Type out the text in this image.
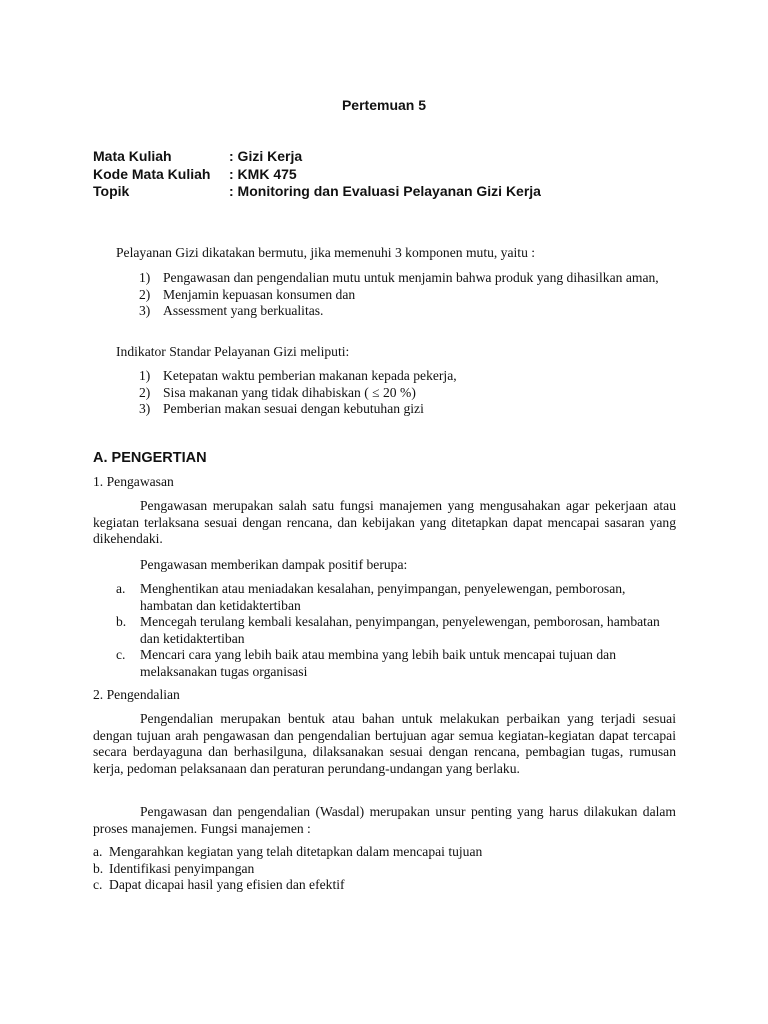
Pertemuan 5
Mata Kuliah	: Gizi Kerja
Kode Mata Kuliah	: KMK 475
Topik	: Monitoring dan Evaluasi Pelayanan Gizi Kerja
Pelayanan Gizi dikatakan bermutu, jika memenuhi 3 komponen mutu, yaitu :
1) Pengawasan dan pengendalian mutu untuk menjamin bahwa produk yang dihasilkan aman,
2) Menjamin kepuasan konsumen dan
3) Assessment yang berkualitas.
Indikator Standar Pelayanan Gizi meliputi:
1) Ketepatan waktu pemberian makanan kepada pekerja,
2) Sisa makanan yang tidak dihabiskan ( ≤ 20 %)
3) Pemberian makan sesuai dengan kebutuhan gizi
A. PENGERTIAN
1. Pengawasan
Pengawasan merupakan salah satu fungsi manajemen yang mengusahakan agar pekerjaan atau kegiatan terlaksana sesuai dengan rencana, dan kebijakan yang ditetapkan dapat mencapai sasaran yang dikehendaki.
Pengawasan memberikan dampak positif berupa:
a.	Menghentikan atau meniadakan kesalahan, penyimpangan, penyelewengan, pemborosan, hambatan dan ketidaktertiban
b.	Mencegah terulang kembali kesalahan, penyimpangan, penyelewengan, pemborosan, hambatan dan ketidaktertiban
c.	Mencari cara yang lebih baik atau membina yang lebih baik untuk mencapai tujuan dan melaksanakan tugas organisasi
2. Pengendalian
Pengendalian merupakan bentuk atau bahan untuk melakukan perbaikan yang terjadi sesuai dengan tujuan arah pengawasan dan pengendalian bertujuan agar semua kegiatan-kegiatan dapat tercapai secara berdayaguna dan berhasilguna, dilaksanakan sesuai dengan rencana, pembagian tugas, rumusan kerja, pedoman pelaksanaan dan peraturan perundang-undangan yang berlaku.
Pengawasan dan pengendalian (Wasdal) merupakan unsur penting yang harus dilakukan dalam proses manajemen. Fungsi manajemen :
a. Mengarahkan kegiatan yang telah ditetapkan dalam mencapai tujuan
b. Identifikasi penyimpangan
c. Dapat dicapai hasil yang efisien dan efektif
